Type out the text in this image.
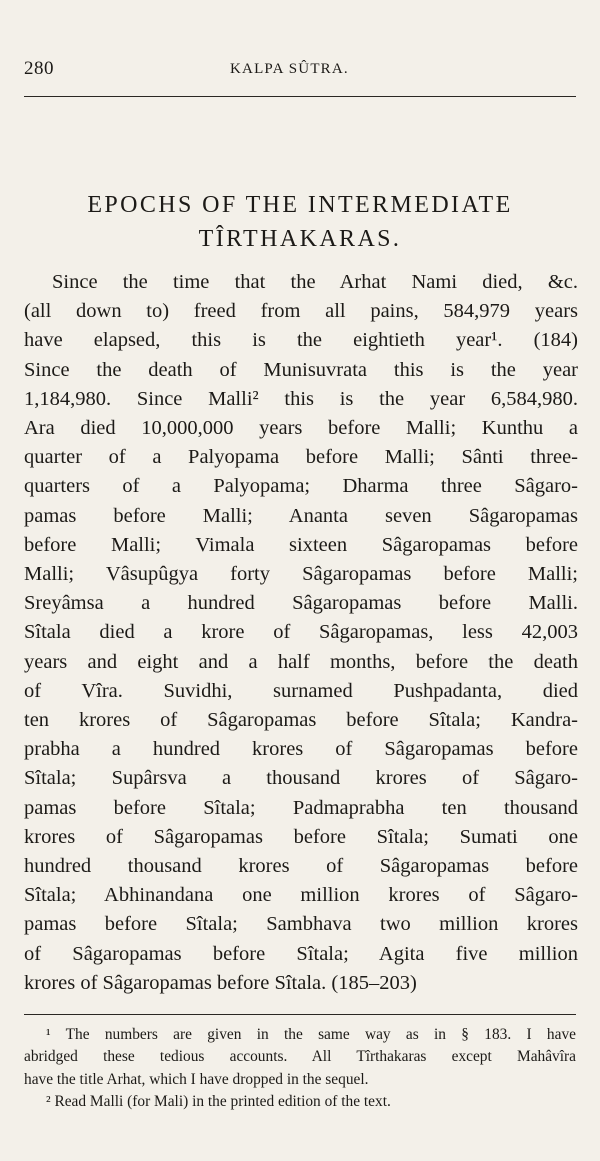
280	KALPA SÛTRA.
EPOCHS OF THE INTERMEDIATE
TÎRTHAKARAS.
Since the time that the Arhat Nami died, &c.
(all down to) freed from all pains, 584,979 years
have elapsed, this is the eightieth year¹. (184)
Since the death of Munisuvrata this is the year
1,184,980. Since Malli² this is the year 6,584,980.
Ara died 10,000,000 years before Malli; Kunthu a
quarter of a Palyopama before Malli; Sânti three-
quarters of a Palyopama; Dharma three Sâgaro-
pamas before Malli; Ananta seven Sâgaropamas
before Malli; Vimala sixteen Sâgaropamas before
Malli; Vâsupûgya forty Sâgaropamas before Malli;
Sreyâmsa a hundred Sâgaropamas before Malli.
Sîtala died a krore of Sâgaropamas, less 42,003
years and eight and a half months, before the death
of Vîra. Suvidhi, surnamed Pushpadanta, died
ten krores of Sâgaropamas before Sîtala; Kandra-
prabha a hundred krores of Sâgaropamas before
Sîtala; Supârsva a thousand krores of Sâgaro-
pamas before Sîtala; Padmaprabha ten thousand
krores of Sâgaropamas before Sîtala; Sumati one
hundred thousand krores of Sâgaropamas before
Sîtala; Abhinandana one million krores of Sâgaro-
pamas before Sîtala; Sambhava two million krores
of Sâgaropamas before Sîtala; Agita five million
krores of Sâgaropamas before Sîtala. (185–203)
¹ The numbers are given in the same way as in § 183. I have
abridged these tedious accounts. All Tîrthakaras except Mahâvîra
have the title Arhat, which I have dropped in the sequel.
² Read Malli (for Mali) in the printed edition of the text.
